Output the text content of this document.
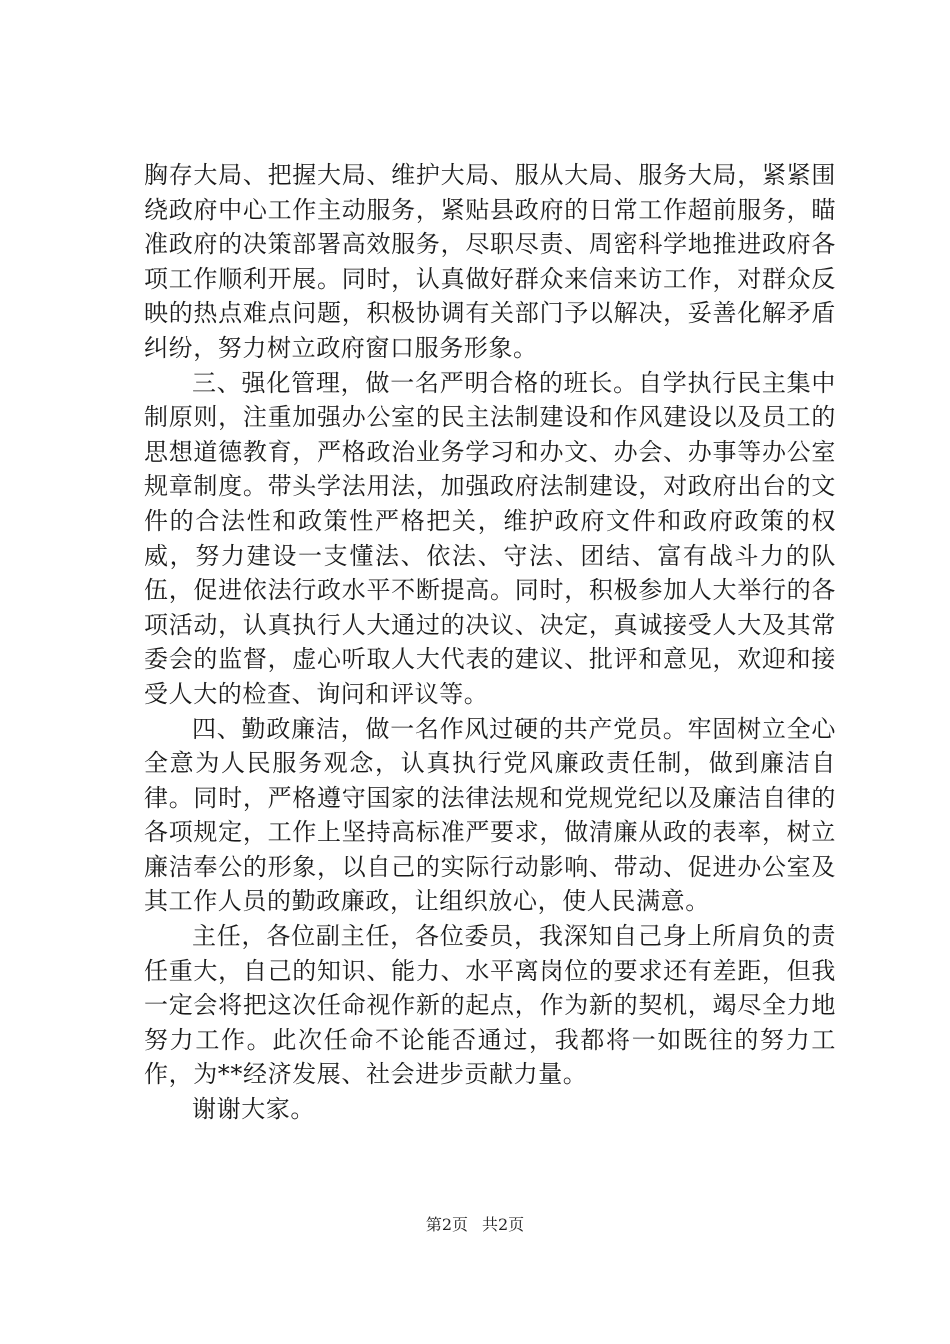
胸存大局、把握大局、维护大局、服从大局、服务大局，紧紧围绕政府中心工作主动服务，紧贴县政府的日常工作超前服务，瞄准政府的决策部署高效服务，尽职尽责、周密科学地推进政府各项工作顺利开展。同时，认真做好群众来信来访工作，对群众反映的热点难点问题，积极协调有关部门予以解决，妥善化解矛盾纠纷，努力树立政府窗口服务形象。

三、强化管理，做一名严明合格的班长。自学执行民主集中制原则，注重加强办公室的民主法制建设和作风建设以及员工的思想道德教育，严格政治业务学习和办文、办会、办事等办公室规章制度。带头学法用法，加强政府法制建设，对政府出台的文件的合法性和政策性严格把关，维护政府文件和政府政策的权威，努力建设一支懂法、依法、守法、团结、富有战斗力的队伍，促进依法行政水平不断提高。同时，积极参加人大举行的各项活动，认真执行人大通过的决议、决定，真诚接受人大及其常委会的监督，虚心听取人大代表的建议、批评和意见，欢迎和接受人大的检查、询问和评议等。

四、勤政廉洁，做一名作风过硬的共产党员。牢固树立全心全意为人民服务观念，认真执行党风廉政责任制，做到廉洁自律。同时，严格遵守国家的法律法规和党规党纪以及廉洁自律的各项规定，工作上坚持高标准严要求，做清廉从政的表率，树立廉洁奉公的形象，以自己的实际行动影响、带动、促进办公室及其工作人员的勤政廉政，让组织放心，使人民满意。

主任，各位副主任，各位委员，我深知自己身上所肩负的责任重大，自己的知识、能力、水平离岗位的要求还有差距，但我一定会将把这次任命视作新的起点，作为新的契机，竭尽全力地努力工作。此次任命不论能否通过，我都将一如既往的努力工作，为**经济发展、社会进步贡献力量。

谢谢大家。

第2页 共2页
